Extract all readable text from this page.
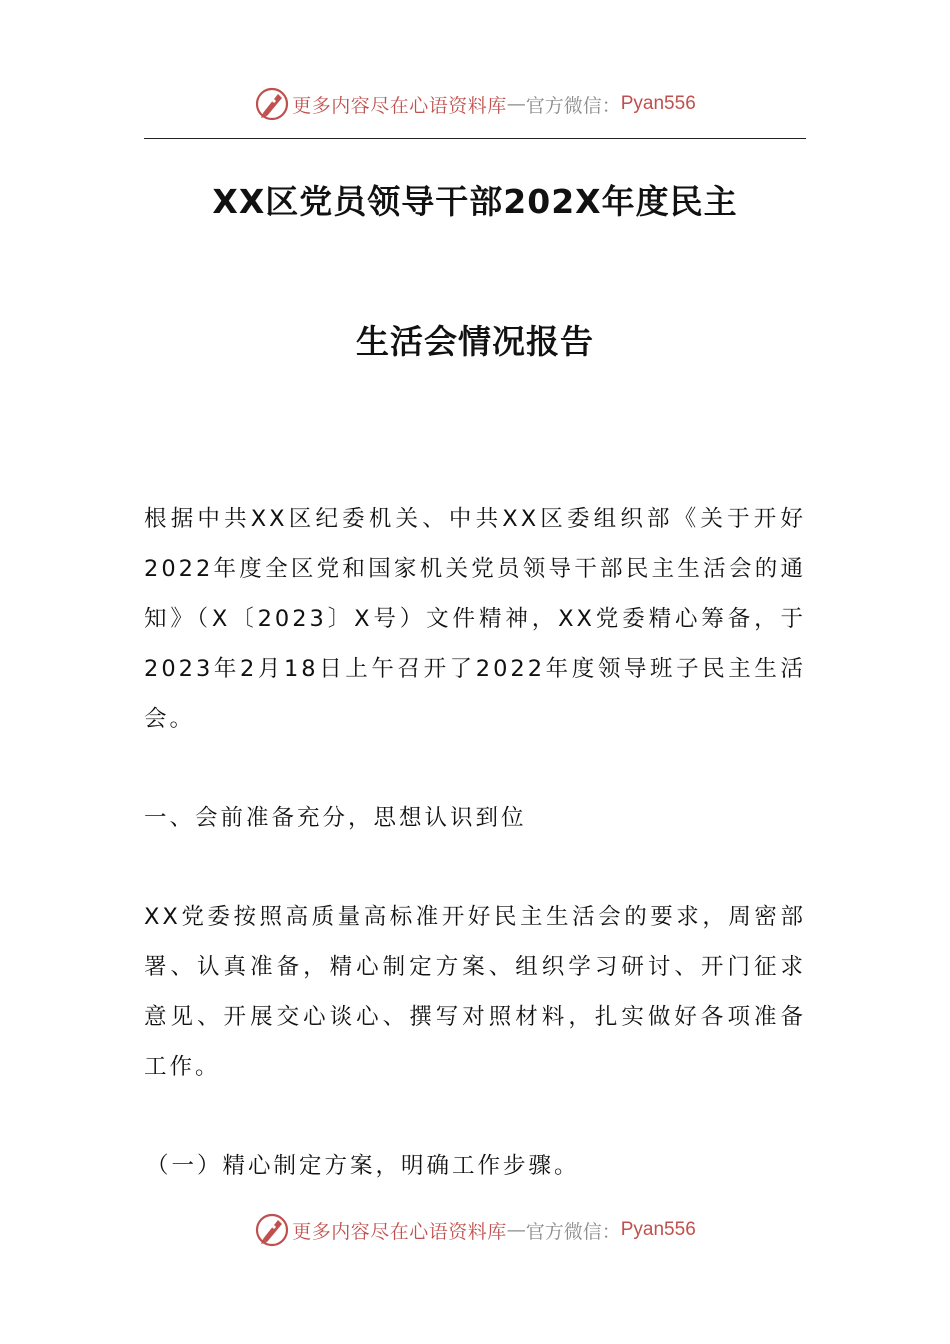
更多内容尽在心语资料库 — 官方微信： Pyan556
XX区党员领导干部202X年度民主
生活会情况报告
根据中共XX区纪委机关、中共XX区委组织部《关于开好2022年度全区党和国家机关党员领导干部民主生活会的通知》（X〔2023〕X号）文件精神，XX党委精心筹备，于2023年2月18日上午召开了2022年度领导班子民主生活会。
一、会前准备充分，思想认识到位
XX党委按照高质量高标准开好民主生活会的要求，周密部署、认真准备，精心制定方案、组织学习研讨、开门征求意见、开展交心谈心、撰写对照材料，扎实做好各项准备工作。
（一）精心制定方案，明确工作步骤。
更多内容尽在心语资料库 — 官方微信： Pyan556
